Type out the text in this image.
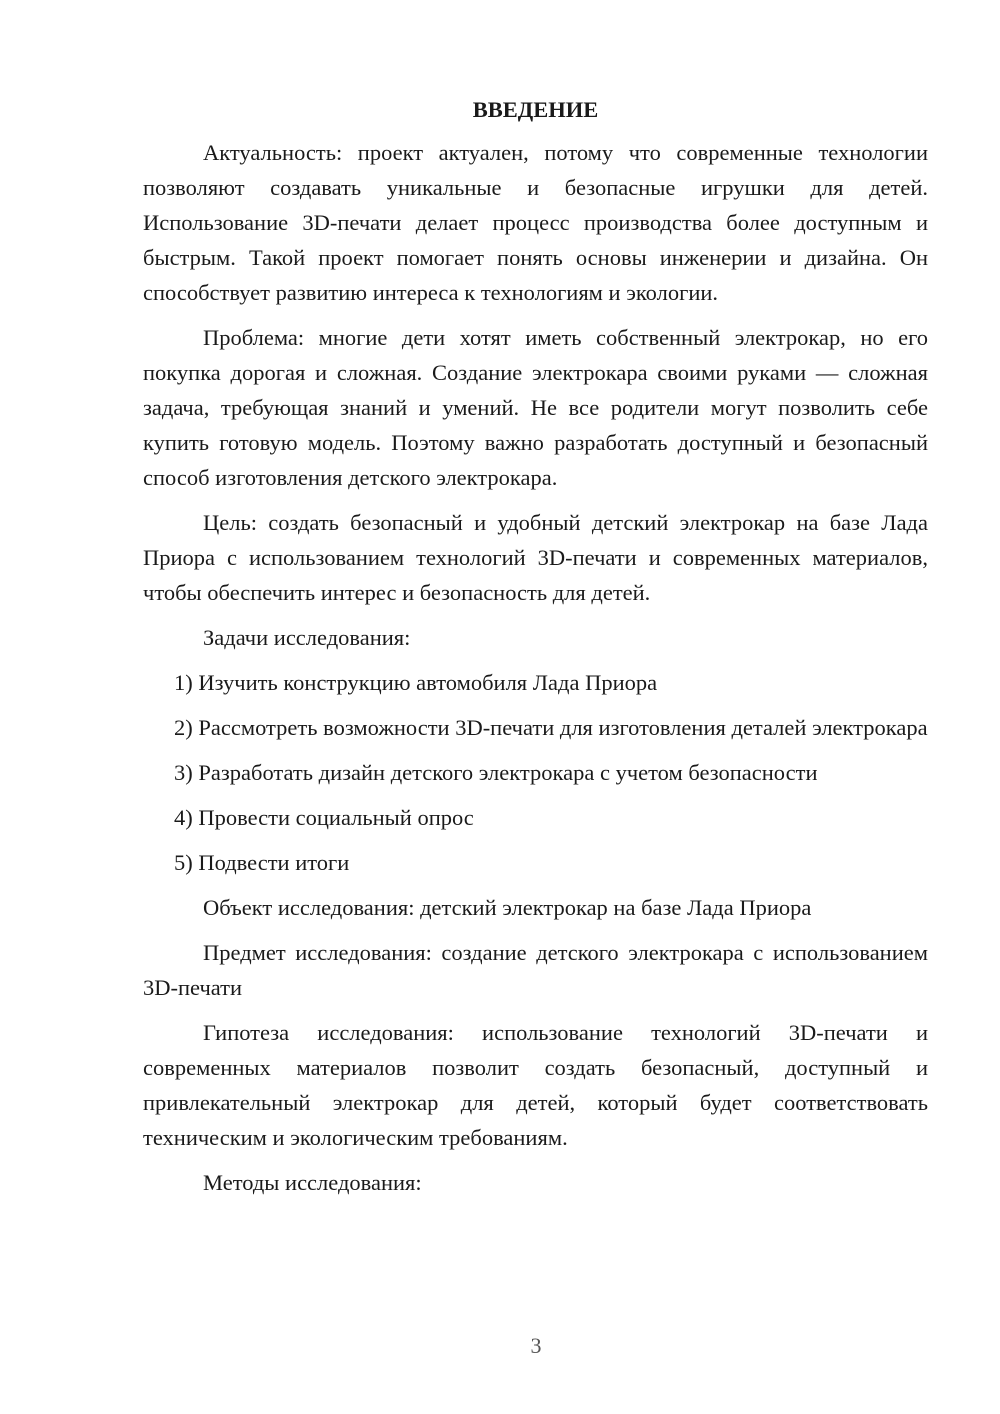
ВВЕДЕНИЕ

Актуальность: проект актуален, потому что современные технологии позволяют создавать уникальные и безопасные игрушки для детей. Использование 3D-печати делает процесс производства более доступным и быстрым. Такой проект помогает понять основы инженерии и дизайна. Он способствует развитию интереса к технологиям и экологии.

Проблема: многие дети хотят иметь собственный электрокар, но его покупка дорогая и сложная. Создание электрокара своими руками — сложная задача, требующая знаний и умений. Не все родители могут позволить себе купить готовую модель. Поэтому важно разработать доступный и безопасный способ изготовления детского электрокара.

Цель: создать безопасный и удобный детский электрокар на базе Лада Приора с использованием технологий 3D-печати и современных материалов, чтобы обеспечить интерес и безопасность для детей.

Задачи исследования:

1) Изучить конструкцию автомобиля Лада Приора

2) Рассмотреть возможности 3D-печати для изготовления деталей электрокара

3) Разработать дизайн детского электрокара с учетом безопасности

4) Провести социальный опрос

5) Подвести итоги

Объект исследования: детский электрокар на базе Лада Приора

Предмет исследования: создание детского электрокара с использованием 3D-печати

Гипотеза исследования: использование технологий 3D-печати и современных материалов позволит создать безопасный, доступный и привлекательный электрокар для детей, который будет соответствовать техническим и экологическим требованиям.

Методы исследования:

3
